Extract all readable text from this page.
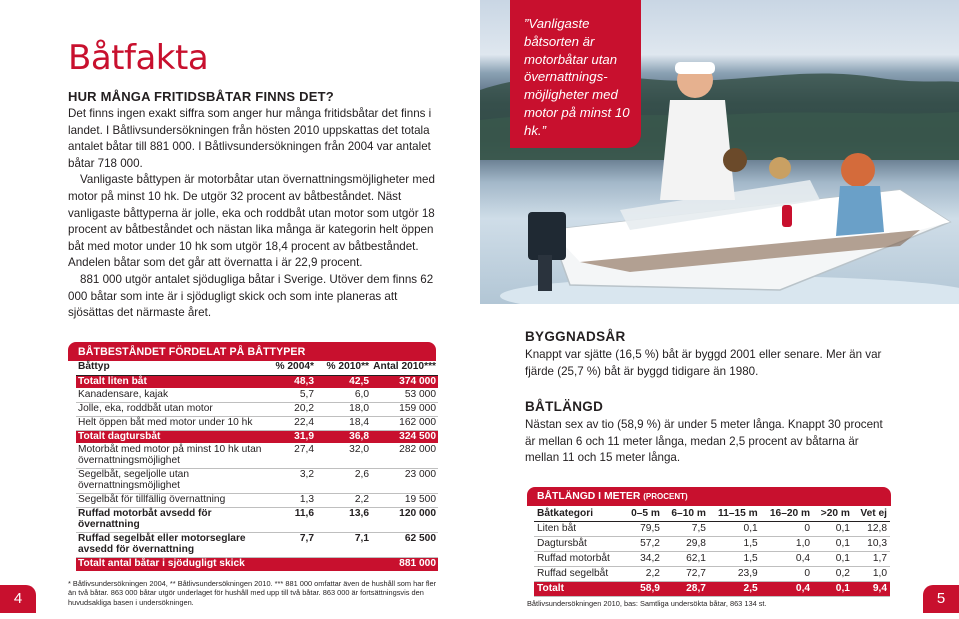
Båtfakta
HUR MÅNGA FRITIDSBÅTAR FINNS DET?

Det finns ingen exakt siffra som anger hur många fritidsbåtar det finns i landet. I Båtlivsundersökningen från hösten 2010 uppskattas det totala antalet båtar till 881 000. I Båtlivsundersökningen från 2004 var antalet båtar 718 000.

Vanligaste båttypen är motorbåtar utan övernattningsmöjligheter med motor på minst 10 hk. De utgör 32 procent av båtbeståndet. Näst vanligaste båttyperna är jolle, eka och roddbåt utan motor som utgör 18 procent av båtbeståndet och nästan lika många är kategorin helt öppen båt med motor under 10 hk som utgör 18,4 procent av båtbeståndet. Andelen båtar som det går att övernatta i är 22,9 procent.

881 000 utgör antalet sjödugliga båtar i Sverige. Utöver dem finns 62 000 båtar som inte är i sjödugligt skick och som inte planeras att sjösättas det närmaste året.

BÅTBESTÅNDET FÖRDELAT PÅ BÅTTYPER
Båttyp	% 2004*	% 2010**	Antal 2010***
Totalt liten båt	48,3	42,5	374 000
Kanadensare, kajak	5,7	6,0	53 000
Jolle, eka, roddbåt utan motor	20,2	18,0	159 000
Helt öppen båt med motor under 10 hk	22,4	18,4	162 000
Totalt dagtursbåt	31,9	36,8	324 500
Motorbåt med motor på minst 10 hk utan övernattningsmöjlighet	27,4	32,0	282 000
Segelbåt, segeljolle utan övernattningsmöjlighet	3,2	2,6	23 000
Segelbåt för tillfällig övernattning	1,3	2,2	19 500
Ruffad motorbåt avsedd för övernattning	11,6	13,6	120 000
Ruffad segelbåt eller motorseglare avsedd för övernattning	7,7	7,1	62 500
Totalt antal båtar i sjödugligt skick			881 000
* Båtlivsundersökningen 2004, ** Båtlivsundersökningen 2010. *** 881 000 omfattar även de hushåll som har fler än två båtar. 863 000 båtar utgör underlaget för hushåll med upp till två båtar. 863 000 är fortsättningsvis den huvudsakliga basen i undersökningen.
4
”Vanligaste båtsorten är motorbåtar utan övernattningsmöjligheter med motor på minst 10 hk.”
BYGGNADSÅR
Knappt var sjätte (16,5 %) båt är byggd 2001 eller senare. Mer än var fjärde (25,7 %) båt är byggd tidigare än 1980.
BÅTLÄNGD
Nästan sex av tio (58,9 %) är under 5 meter långa. Knappt 30 procent är mellan 6 och 11 meter långa, medan 2,5 procent av båtarna är mellan 11 och 15 meter långa.
BÅTLÄNGD I METER (PROCENT)
Båtkategori	0–5 m	6–10 m	11–15 m	16–20 m	>20 m	Vet ej
Liten båt	79,5	7,5	0,1	0	0,1	12,8
Dagtursbåt	57,2	29,8	1,5	1,0	0,1	10,3
Ruffad motorbåt	34,2	62,1	1,5	0,4	0,1	1,7
Ruffad segelbåt	2,2	72,7	23,9	0	0,2	1,0
Totalt	58,9	28,7	2,5	0,4	0,1	9,4
Båtlivsundersökningen 2010, bas: Samtliga undersökta båtar, 863 134 st.	5
